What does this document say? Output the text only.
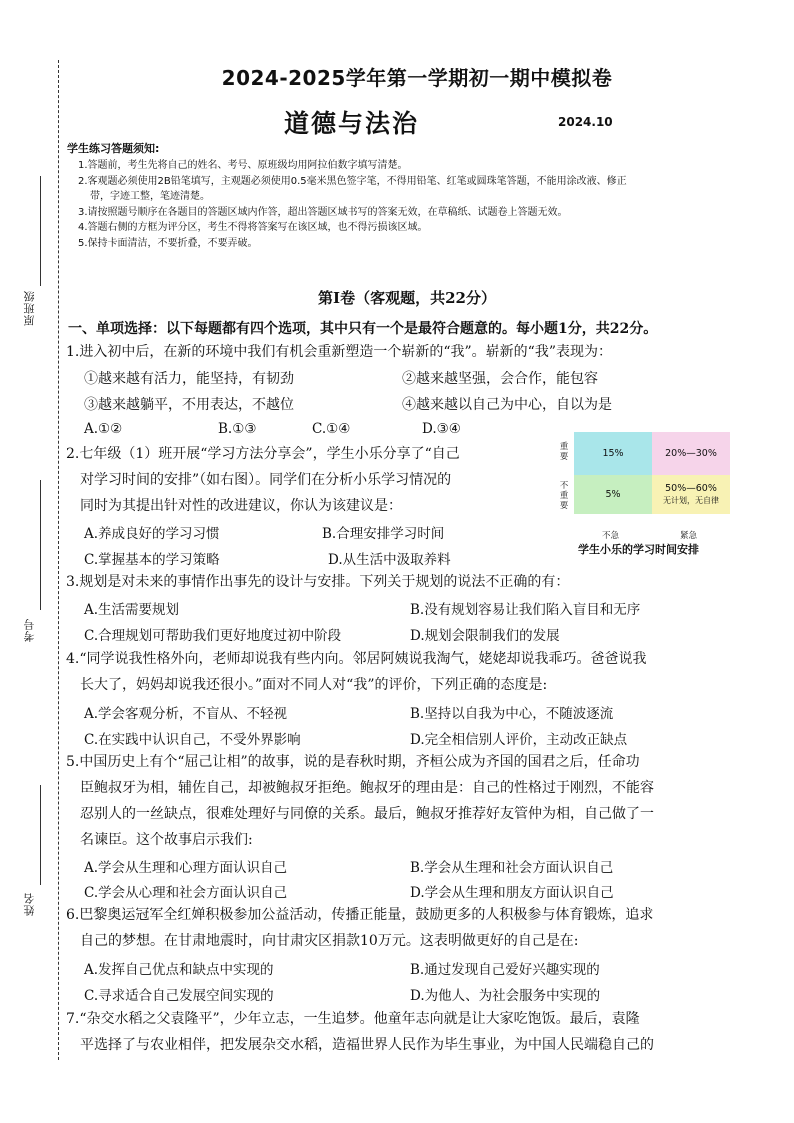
原班级
考号
姓名
2024-2025学年第一学期初一期中模拟卷
道德与法治	2024.10
学生练习答题须知:
1.答题前，考生先将自己的姓名、考号、原班级均用阿拉伯数字填写清楚。
2.客观题必须使用2B铅笔填写，主观题必须使用0.5毫米黑色签字笔，不得用铅笔、红笔或圆珠笔答题，不能用涂改液、修正
带，字迹工整，笔迹清楚。
3.请按照题号顺序在各题目的答题区域内作答，超出答题区域书写的答案无效，在草稿纸、试题卷上答题无效。
4.答题右侧的方框为评分区，考生不得将答案写在该区域，也不得污损该区域。
5.保持卡面清洁，不要折叠，不要弄破。
第Ⅰ卷（客观题，共22分）
一、单项选择：以下每题都有四个选项，其中只有一个是最符合题意的。每小题1分，共22分。
1.进入初中后，在新的环境中我们有机会重新塑造一个崭新的“我”。崭新的“我”表现为：
①越来越有活力，能坚持，有韧劲	②越来越坚强，会合作，能包容
③越来越躺平，不用表达，不越位	④越来越以自己为中心，自以为是
A.①②	B.①③	C.①④	D.③④
2.七年级（1）班开展“学习方法分享会”，学生小乐分享了“自己
对学习时间的安排”（如右图）。同学们在分析小乐学习情况的
同时为其提出针对性的改进建议，你认为该建议是：
A.养成良好的学习习惯	B.合理安排学习时间
C.掌握基本的学习策略	D.从生活中汲取养料
重要
不重要
15%	20%—30%
5%
50%—60%
无计划，无自律
不急	紧急
学生小乐的学习时间安排
3.规划是对未来的事情作出事先的设计与安排。下列关于规划的说法不正确的有：
A.生活需要规划	B.没有规划容易让我们陷入盲目和无序
C.合理规划可帮助我们更好地度过初中阶段	D.规划会限制我们的发展
4.“同学说我性格外向，老师却说我有些内向。邻居阿姨说我淘气，姥姥却说我乖巧。爸爸说我
长大了，妈妈却说我还很小。”面对不同人对“我”的评价，下列正确的态度是:
A.学会客观分析，不盲从、不轻视	B.坚持以自我为中心，不随波逐流
C.在实践中认识自己，不受外界影响	D.完全相信别人评价，主动改正缺点
5.中国历史上有个“屈己让相”的故事，说的是春秋时期，齐桓公成为齐国的国君之后，任命功
臣鲍叔牙为相，辅佐自己，却被鲍叔牙拒绝。鲍叔牙的理由是：自己的性格过于刚烈，不能容
忍别人的一丝缺点，很难处理好与同僚的关系。最后，鲍叔牙推荐好友管仲为相，自己做了一
名谏臣。这个故事启示我们:
A.学会从生理和心理方面认识自己	B.学会从生理和社会方面认识自己
C.学会从心理和社会方面认识自己	D.学会从生理和朋友方面认识自己
6.巴黎奥运冠军全红婵积极参加公益活动，传播正能量，鼓励更多的人积极参与体育锻炼，追求
自己的梦想。在甘肃地震时，向甘肃灾区捐款10万元。这表明做更好的自己是在:
A.发挥自己优点和缺点中实现的	B.通过发现自己爱好兴趣实现的
C.寻求适合自己发展空间实现的	D.为他人、为社会服务中实现的
7.“杂交水稻之父袁隆平”，少年立志，一生追梦。他童年志向就是让大家吃饱饭。最后，袁隆
平选择了与农业相伴，把发展杂交水稻，造福世界人民作为毕生事业，为中国人民端稳自己的
